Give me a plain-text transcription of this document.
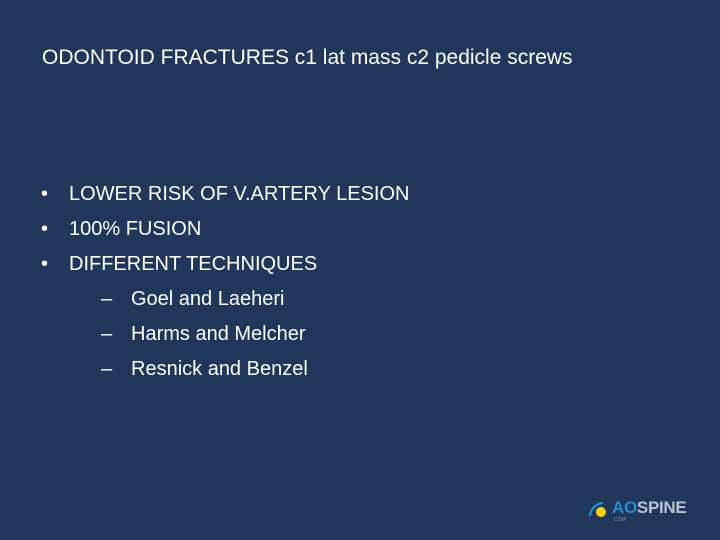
ODONTOID FRACTURES c1 lat mass c2 pedicle screws
• LOWER RISK OF V.ARTERY LESION
• 100% FUSION
• DIFFERENT TECHNIQUES
– Goel and Laeheri
– Harms and Melcher
– Resnick and Benzel
AOSPINE
COM
